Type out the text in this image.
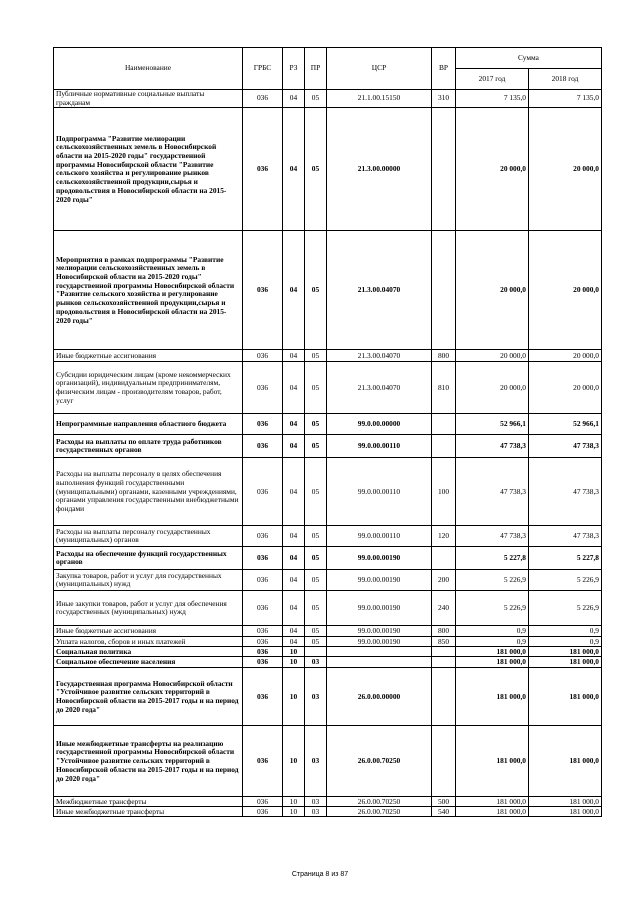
Наименование	ГРБС	РЗ	ПР	ЦСР	ВР	Сумма	
						2017 год	2018 год
Публичные нормативные социальные выплаты гражданам	036	04	05	21.1.00.15150	310	7 135,0	7 135,0
Подпрограмма "Развитие мелиорации сельскохозяйственных земель в Новосибирской области на 2015-2020 годы" государственной программы Новосибирской области "Развитие сельского хозяйства и регулирование рынков сельскохозяйственной продукции,сырья и продовольствия в Новосибирской области на 2015-2020 годы"	036	04	05	21.3.00.00000		20 000,0	20 000,0
Мероприятия в рамках подпрограммы "Развитие мелиорации сельскохозяйственных земель в Новосибирской области на 2015-2020 годы" государственной программы Новосибирской области "Развитие сельского хозяйства и регулирование рынков сельскохозяйственной продукции,сырья и продовольствия в Новосибирской области на 2015-2020 годы"	036	04	05	21.3.00.04070		20 000,0	20 000,0
Иные бюджетные ассигнования	036	04	05	21.3.00.04070	800	20 000,0	20 000,0
Субсидии юридическим лицам (кроме некоммерческих организаций), индивидуальным предпринимателям, физическим лицам - производителям товаров, работ, услуг	036	04	05	21.3.00.04070	810	20 000,0	20 000,0
Непрограммные направления областного бюджета	036	04	05	99.0.00.00000		52 966,1	52 966,1
Расходы на выплаты по оплате труда работников государственных органов	036	04	05	99.0.00.00110		47 738,3	47 738,3
Расходы на выплаты персоналу в целях обеспечения выполнения функций государственными (муниципальными) органами, казенными учреждениями, органами управления государственными внебюджетными фондами	036	04	05	99.0.00.00110	100	47 738,3	47 738,3
Расходы на выплаты персоналу государственных (муниципальных) органов	036	04	05	99.0.00.00110	120	47 738,3	47 738,3
Расходы на обеспечение функций государственных органов	036	04	05	99.0.00.00190		5 227,8	5 227,8
Закупка товаров, работ и услуг для государственных (муниципальных) нужд	036	04	05	99.0.00.00190	200	5 226,9	5 226,9
Иные закупки товаров, работ и услуг для обеспечения государственных (муниципальных) нужд	036	04	05	99.0.00.00190	240	5 226,9	5 226,9
Иные бюджетные ассигнования	036	04	05	99.0.00.00190	800	0,9	0,9
Уплата налогов, сборов и иных платежей	036	04	05	99.0.00.00190	850	0,9	0,9
Социальная политика	036	10				181 000,0	181 000,0
Социальное обеспечение населения	036	10	03			181 000,0	181 000,0
Государственная программа Новосибирской области "Устойчивое развитие сельских территорий в Новосибирской области на 2015-2017 годы и на период до 2020 года"	036	10	03	26.0.00.00000		181 000,0	181 000,0
Иные межбюджетные трансферты на реализацию государственной программы Новосибирской области "Устойчивое развитие сельских территорий в Новосибирской области на 2015-2017 годы и на период до 2020 года"	036	10	03	26.0.00.70250		181 000,0	181 000,0
Межбюджетные трансферты	036	10	03	26.0.00.70250	500	181 000,0	181 000,0
Иные межбюджетные трансферты	036	10	03	26.0.00.70250	540	181 000,0	181 000,0
Страница 8 из 87
